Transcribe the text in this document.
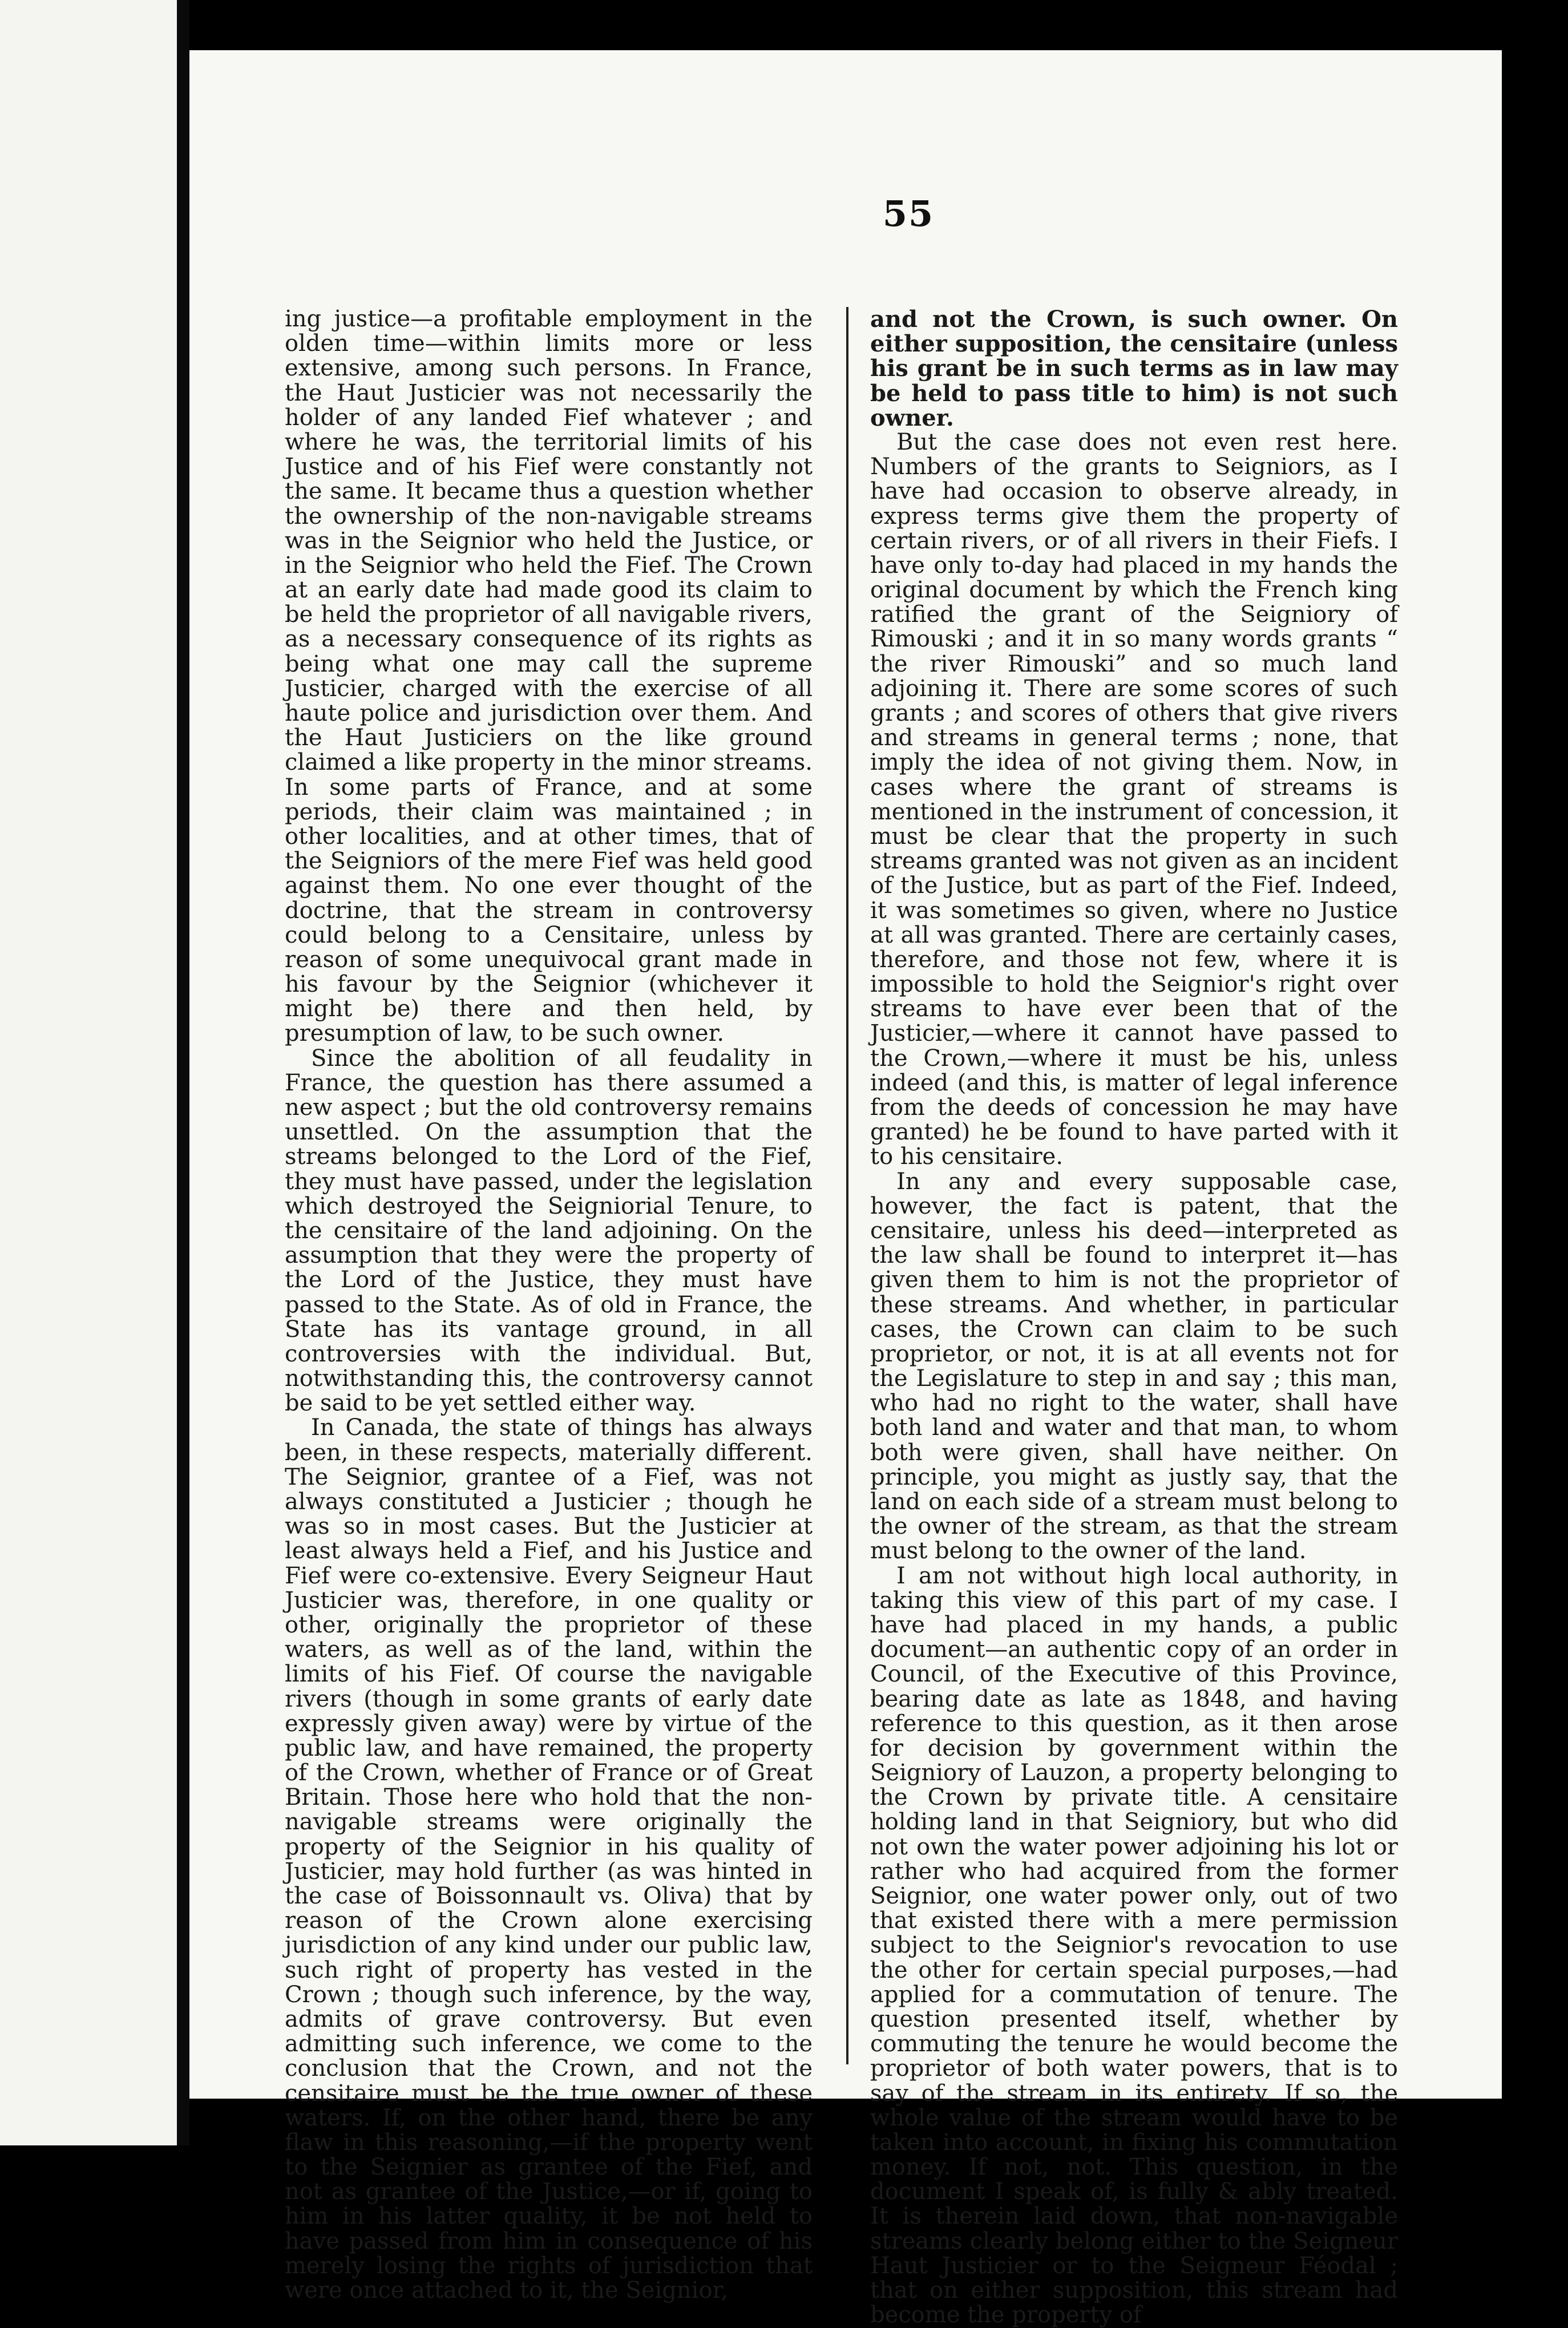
55

ing justice—a profitable employment in the olden time—within limits more or less extensive, among such persons. In France, the Haut Justicier was not necessarily the holder of any landed Fief whatever ; and where he was, the territorial limits of his Justice and of his Fief were constantly not the same. It became thus a question whether the ownership of the non-navigable streams was in the Seignior who held the Justice, or in the Seignior who held the Fief. The Crown at an early date had made good its claim to be held the proprietor of all navigable rivers, as a necessary consequence of its rights as being what one may call the supreme Justicier, charged with the exercise of all haute police and jurisdiction over them. And the Haut Justiciers on the like ground claimed a like property in the minor streams. In some parts of France, and at some periods, their claim was maintained ; in other localities, and at other times, that of the Seigniors of the mere Fief was held good against them. No one ever thought of the doctrine, that the stream in controversy could belong to a Censitaire, unless by reason of some unequivocal grant made in his favour by the Seignior (whichever it might be) there and then held, by presumption of law, to be such owner.

Since the abolition of all feudality in France, the question has there assumed a new aspect ; but the old controversy remains unsettled. On the assumption that the streams belonged to the Lord of the Fief, they must have passed, under the legislation which destroyed the Seigniorial Tenure, to the censitaire of the land adjoining. On the assumption that they were the property of the Lord of the Justice, they must have passed to the State. As of old in France, the State has its vantage ground, in all controversies with the individual. But, notwithstanding this, the controversy cannot be said to be yet settled either way.

In Canada, the state of things has always been, in these respects, materially different. The Seignior, grantee of a Fief, was not always constituted a Justicier ; though he was so in most cases. But the Justicier at least always held a Fief, and his Justice and Fief were co-extensive. Every Seigneur Haut Justicier was, therefore, in one quality or other, originally the proprietor of these waters, as well as of the land, within the limits of his Fief. Of course the navigable rivers (though in some grants of early date expressly given away) were by virtue of the public law, and have remained, the property of the Crown, whether of France or of Great Britain. Those here who hold that the non-navigable streams were originally the property of the Seignior in his quality of Justicier, may hold further (as was hinted in the case of Boissonnault vs. Oliva) that by reason of the Crown alone exercising jurisdiction of any kind under our public law, such right of property has vested in the Crown ; though such inference, by the way, admits of grave controversy. But even admitting such inference, we come to the conclusion that the Crown, and not the censitaire must be the true owner of these waters. If, on the other hand, there be any flaw in this reasoning,—if the property went to the Seignier as grantee of the Fief, and not as grantee of the Justice,—or if, going to him in his latter quality, it be not held to have passed from him in consequence of his merely losing the rights of jurisdiction that were once attached to it, the Seignior,

and not the Crown, is such owner. On either supposition, the censitaire (unless his grant be in such terms as in law may be held to pass title to him) is not such owner.

But the case does not even rest here. Numbers of the grants to Seigniors, as I have had occasion to observe already, in express terms give them the property of certain rivers, or of all rivers in their Fiefs. I have only to-day had placed in my hands the original document by which the French king ratified the grant of the Seigniory of Rimouski ; and it in so many words grants “ the river Rimouski” and so much land adjoining it. There are some scores of such grants ; and scores of others that give rivers and streams in general terms ; none, that imply the idea of not giving them. Now, in cases where the grant of streams is mentioned in the instrument of concession, it must be clear that the property in such streams granted was not given as an incident of the Justice, but as part of the Fief. Indeed, it was sometimes so given, where no Justice at all was granted. There are certainly cases, therefore, and those not few, where it is impossible to hold the Seignior's right over streams to have ever been that of the Justicier,—where it cannot have passed to the Crown,—where it must be his, unless indeed (and this, is matter of legal inference from the deeds of concession he may have granted) he be found to have parted with it to his censitaire.

In any and every supposable case, however, the fact is patent, that the censitaire, unless his deed—interpreted as the law shall be found to interpret it—has given them to him is not the proprietor of these streams. And whether, in particular cases, the Crown can claim to be such proprietor, or not, it is at all events not for the Legislature to step in and say ; this man, who had no right to the water, shall have both land and water and that man, to whom both were given, shall have neither. On principle, you might as justly say, that the land on each side of a stream must belong to the owner of the stream, as that the stream must belong to the owner of the land.

I am not without high local authority, in taking this view of this part of my case. I have had placed in my hands, a public document—an authentic copy of an order in Council, of the Executive of this Province, bearing date as late as 1848, and having reference to this question, as it then arose for decision by government within the Seigniory of Lauzon, a property belonging to the Crown by private title. A censitaire holding land in that Seigniory, but who did not own the water power adjoining his lot or rather who had acquired from the former Seignior, one water power only, out of two that existed there with a mere permission subject to the Seignior's revocation to use the other for certain special purposes,—had applied for a commutation of tenure. The question presented itself, whether by commuting the tenure he would become the proprietor of both water powers, that is to say of the stream in its entirety. If so, the whole value of the stream would have to be taken into account, in fixing his commutation money. If not, not. This question, in the document I speak of, is fully & ably treated. It is therein laid down, that non-navigable streams clearly belong either to the Seigneur Haut Justicier or to the Seigneur Féodal ; that on either supposition, this stream had become the property of
